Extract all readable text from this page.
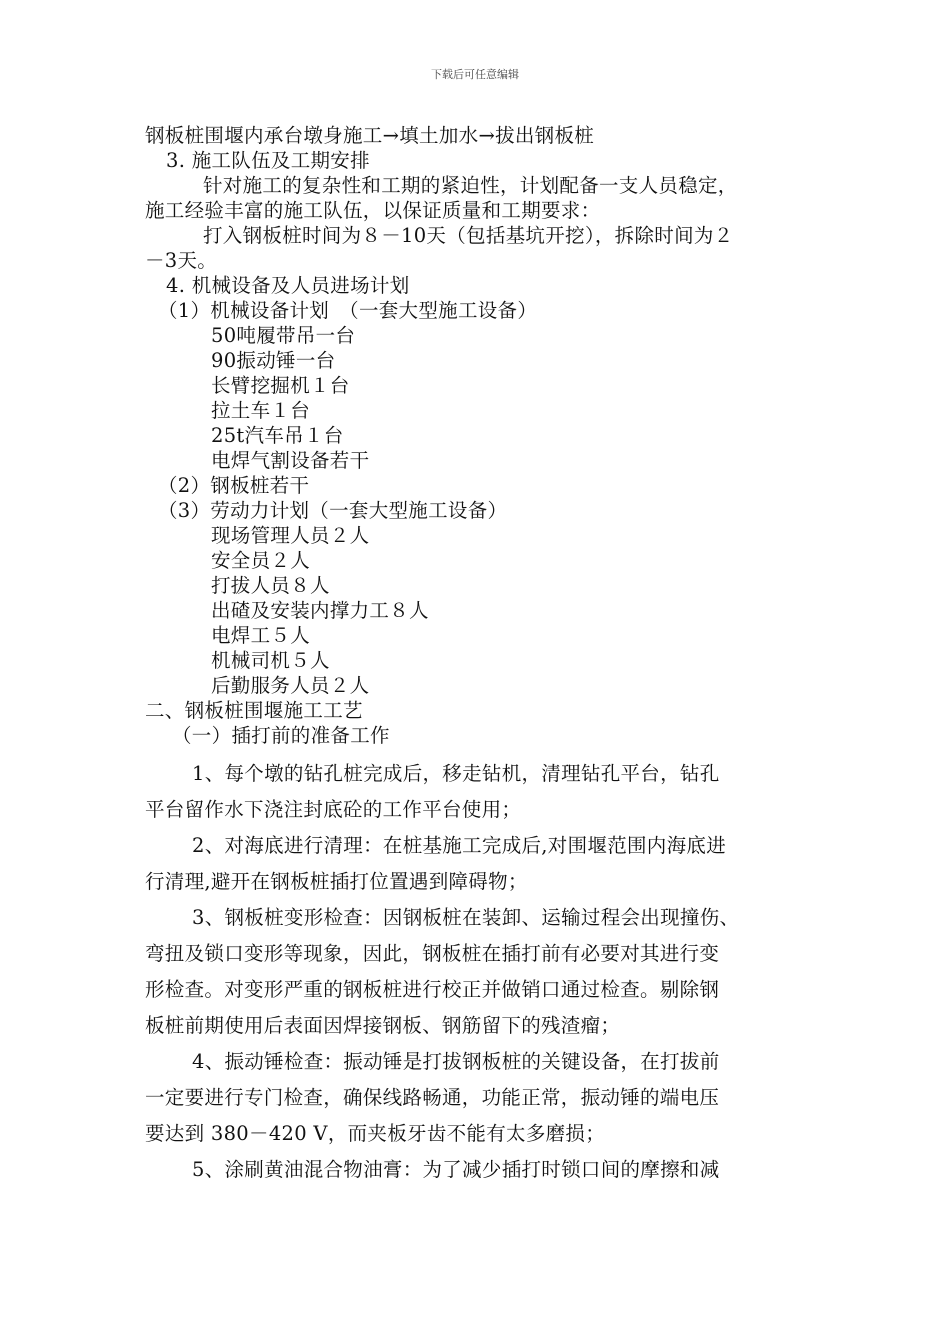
下载后可任意编辑
钢板桩围堰内承台墩身施工→填土加水→拔出钢板桩
3. 施工队伍及工期安排
针对施工的复杂性和工期的紧迫性，计划配备一支人员稳定，
施工经验丰富的施工队伍，以保证质量和工期要求：
打入钢板桩时间为８－10天（包括基坑开挖），拆除时间为２
－3天。
4. 机械设备及人员进场计划
（1）机械设备计划　（一套大型施工设备）
50吨履带吊一台
90振动锤一台
长臂挖掘机１台
拉土车１台
25t汽车吊１台
电焊气割设备若干
（2）钢板桩若干
（3）劳动力计划（一套大型施工设备）
现场管理人员２人
安全员２人
打拔人员８人
出碴及安装内撑力工８人
电焊工５人
机械司机５人
后勤服务人员２人
二、钢板桩围堰施工工艺
（一）插打前的准备工作
1、每个墩的钻孔桩完成后，移走钻机，清理钻孔平台，钻孔
平台留作水下浇注封底砼的工作平台使用；
2、对海底进行清理：在桩基施工完成后,对围堰范围内海底进
行清理,避开在钢板桩插打位置遇到障碍物；
3、钢板桩变形检查：因钢板桩在装卸、运输过程会出现撞伤、
弯扭及锁口变形等现象，因此，钢板桩在插打前有必要对其进行变
形检查。对变形严重的钢板桩进行校正并做销口通过检查。剔除钢
板桩前期使用后表面因焊接钢板、钢筋留下的残渣瘤；
4、振动锤检查：振动锤是打拔钢板桩的关键设备，在打拔前
一定要进行专门检查，确保线路畅通，功能正常，振动锤的端电压
要达到 380－420 V，而夹板牙齿不能有太多磨损；
5、涂刷黄油混合物油膏：为了减少插打时锁口间的摩擦和减
